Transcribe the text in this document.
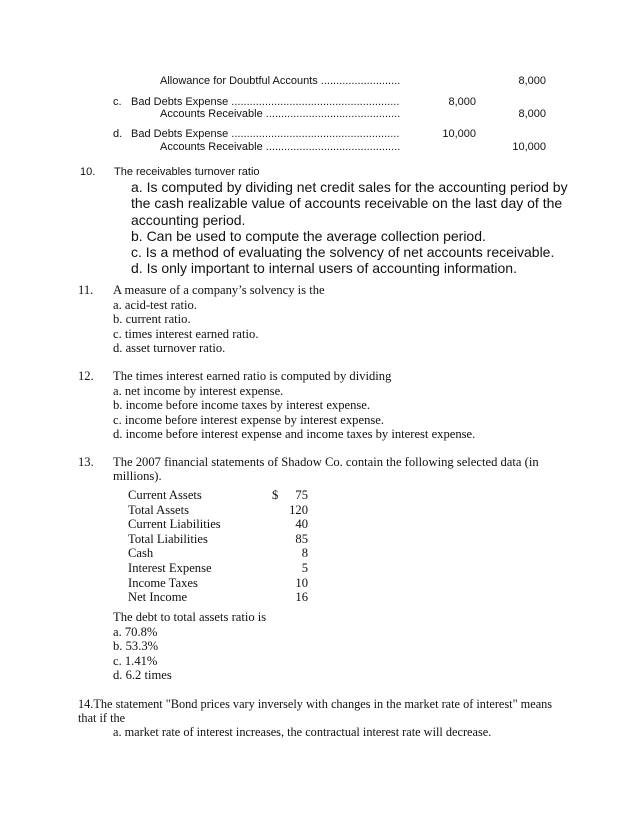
Allowance for Doubtful Accounts ..........................	8,000
c. Bad Debts Expense .......................................................	8,000
Accounts Receivable ............................................	8,000
d. Bad Debts Expense .......................................................	10,000
Accounts Receivable ............................................	10,000
10. The receivables turnover ratio
a. Is computed by dividing net credit sales for the accounting period by the cash realizable value of accounts receivable on the last day of the accounting period.
b. Can be used to compute the average collection period.
c. Is a method of evaluating the solvency of net accounts receivable.
d. Is only important to internal users of accounting information.
11. A measure of a company’s solvency is the
a. acid-test ratio.
b. current ratio.
c. times interest earned ratio.
d. asset turnover ratio.
12. The times interest earned ratio is computed by dividing
a. net income by interest expense.
b. income before income taxes by interest expense.
c. income before interest expense by interest expense.
d. income before interest expense and income taxes by interest expense.
13. The 2007 financial statements of Shadow Co. contain the following selected data (in
millions).
Current Assets	$	75
Total Assets		120
Current Liabilities		40
Total Liabilities		85
Cash		8
Interest Expense		5
Income Taxes		10
Net Income		16
The debt to total assets ratio is
a. 70.8%
b. 53.3%
c. 1.41%
d. 6.2 times
14.The statement "Bond prices vary inversely with changes in the market rate of interest" means
that if the
a. market rate of interest increases, the contractual interest rate will decrease.
